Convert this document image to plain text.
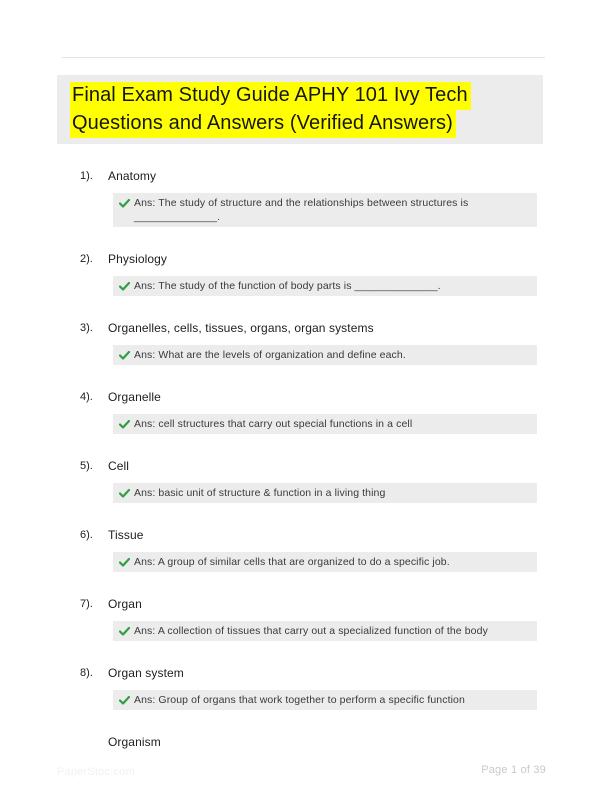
Final Exam Study Guide APHY 101 Ivy Tech
Questions and Answers (Verified Answers)
1).	Anatomy
Ans: The study of structure and the relationships between structures is ______________.
2).	Physiology
Ans: The study of the function of body parts is ______________.
3).	Organelles, cells, tissues, organs, organ systems
Ans: What are the levels of organization and define each.
4).	Organelle
Ans: cell structures that carry out special functions in a cell
5).	Cell
Ans: basic unit of structure & function in a living thing
6).	Tissue
Ans: A group of similar cells that are organized to do a specific job.
7).	Organ
Ans: A collection of tissues that carry out a specialized function of the body
8).	Organ system
Ans: Group of organs that work together to perform a specific function
Organism
PaperStoc.com	Page 1 of 39
